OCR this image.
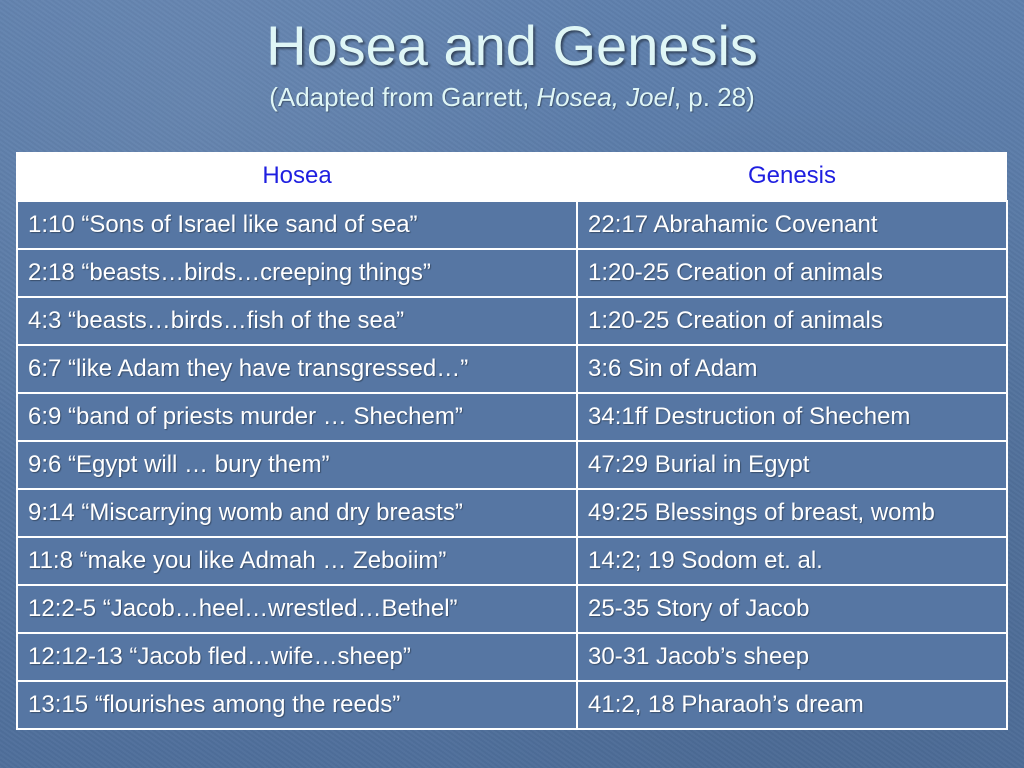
Hosea and Genesis
(Adapted from Garrett, Hosea, Joel, p. 28)
Hosea	Genesis
1:10 “Sons of Israel like sand of sea”	22:17 Abrahamic Covenant
2:18 “beasts…birds…creeping things”	1:20-25 Creation of animals
4:3 “beasts…birds…fish of the sea”	1:20-25 Creation of animals
6:7 “like Adam they have transgressed…”	3:6 Sin of Adam
6:9 “band of priests murder … Shechem”	34:1ff Destruction of Shechem
9:6 “Egypt will … bury them”	47:29 Burial in Egypt
9:14 “Miscarrying womb and dry breasts”	49:25 Blessings of breast, womb
11:8 “make you like Admah … Zeboiim”	14:2; 19 Sodom et. al.
12:2-5 “Jacob…heel…wrestled…Bethel”	25-35 Story of Jacob
12:12-13 “Jacob fled…wife…sheep”	30-31 Jacob’s sheep
13:15 “flourishes among the reeds”	41:2, 18 Pharaoh’s dream
